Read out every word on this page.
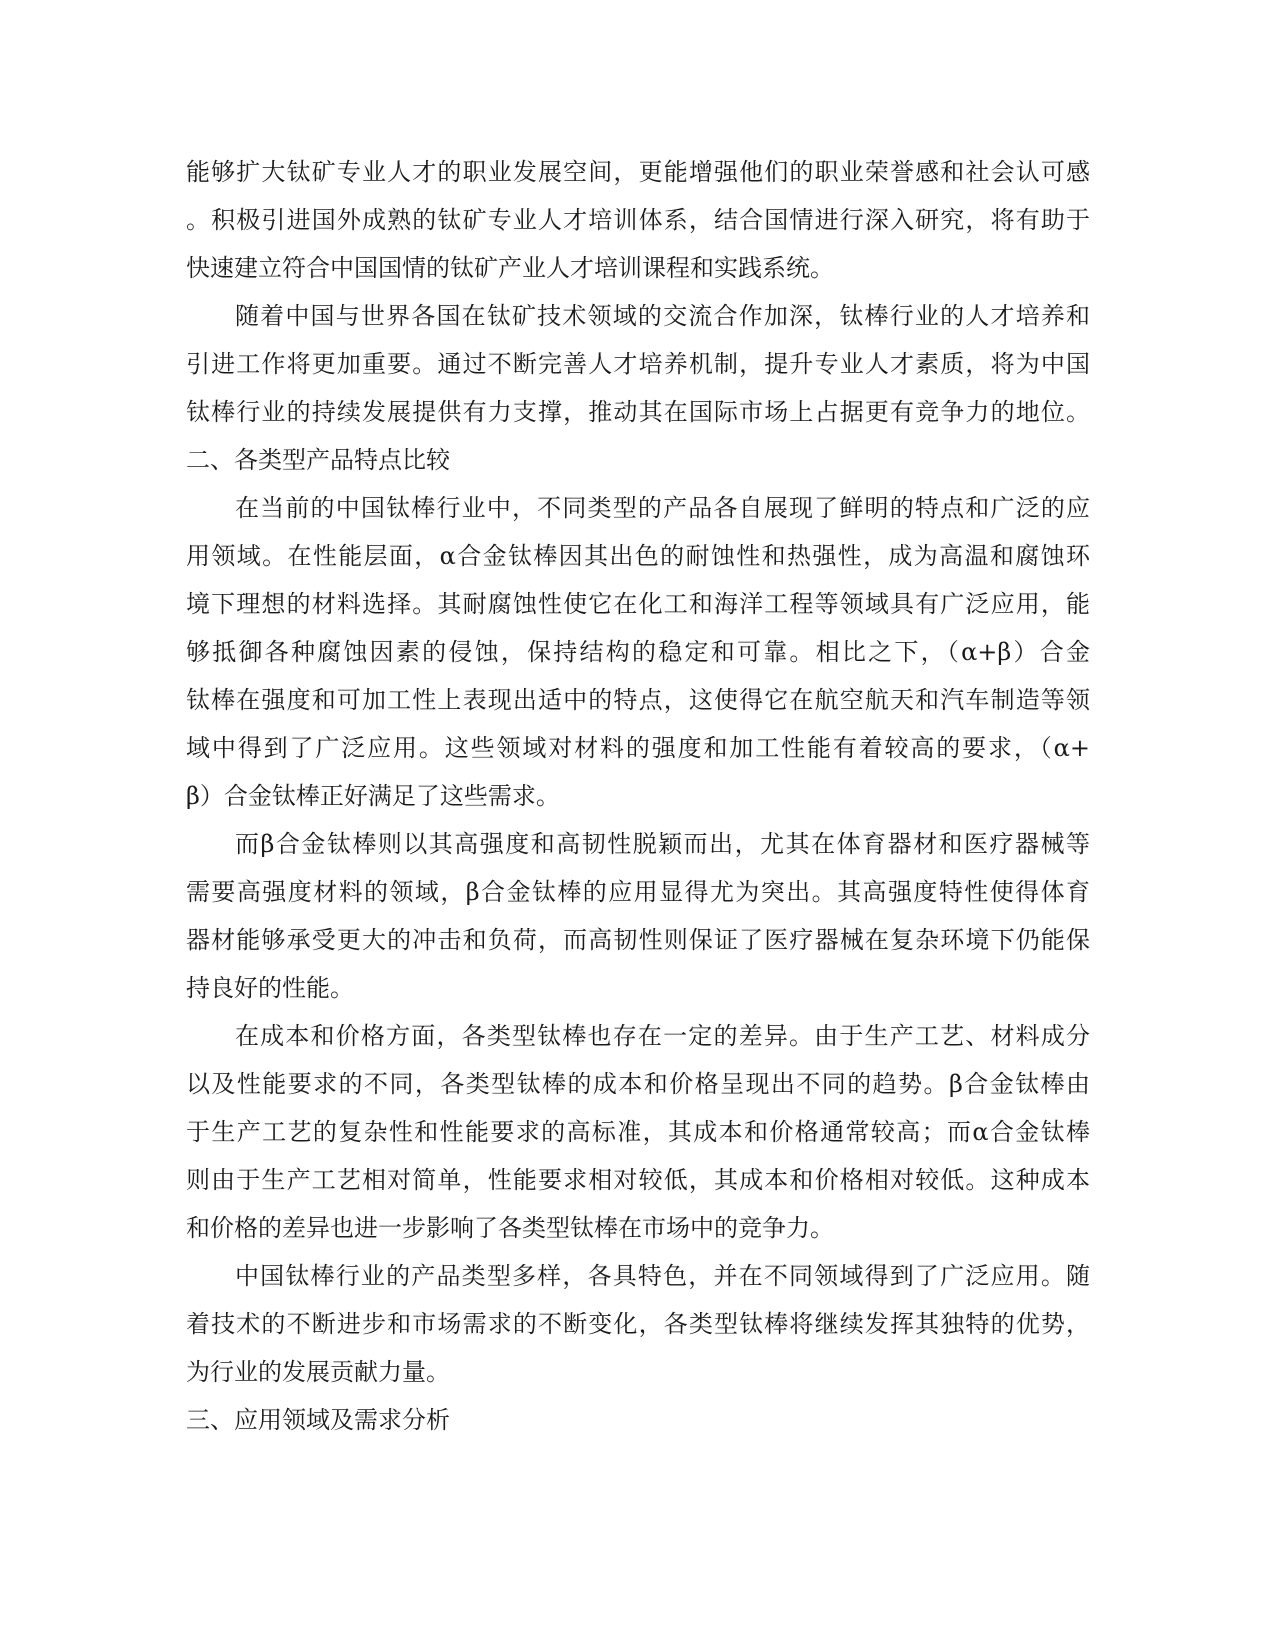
能够扩大钛矿专业人才的职业发展空间，更能增强他们的职业荣誉感和社会认可感
。积极引进国外成熟的钛矿专业人才培训体系，结合国情进行深入研究，将有助于
快速建立符合中国国情的钛矿产业人才培训课程和实践系统。
随着中国与世界各国在钛矿技术领域的交流合作加深，钛棒行业的人才培养和
引进工作将更加重要。通过不断完善人才培养机制，提升专业人才素质，将为中国
钛棒行业的持续发展提供有力支撑，推动其在国际市场上占据更有竞争力的地位。
二、各类型产品特点比较
在当前的中国钛棒行业中，不同类型的产品各自展现了鲜明的特点和广泛的应
用领域。在性能层面，α合金钛棒因其出色的耐蚀性和热强性，成为高温和腐蚀环
境下理想的材料选择。其耐腐蚀性使它在化工和海洋工程等领域具有广泛应用，能
够抵御各种腐蚀因素的侵蚀，保持结构的稳定和可靠。相比之下，（α+β）合金
钛棒在强度和可加工性上表现出适中的特点，这使得它在航空航天和汽车制造等领
域中得到了广泛应用。这些领域对材料的强度和加工性能有着较高的要求，（α+
β）合金钛棒正好满足了这些需求。
而β合金钛棒则以其高强度和高韧性脱颖而出，尤其在体育器材和医疗器械等
需要高强度材料的领域，β合金钛棒的应用显得尤为突出。其高强度特性使得体育
器材能够承受更大的冲击和负荷，而高韧性则保证了医疗器械在复杂环境下仍能保
持良好的性能。
在成本和价格方面，各类型钛棒也存在一定的差异。由于生产工艺、材料成分
以及性能要求的不同，各类型钛棒的成本和价格呈现出不同的趋势。β合金钛棒由
于生产工艺的复杂性和性能要求的高标准，其成本和价格通常较高；而α合金钛棒
则由于生产工艺相对简单，性能要求相对较低，其成本和价格相对较低。这种成本
和价格的差异也进一步影响了各类型钛棒在市场中的竞争力。
中国钛棒行业的产品类型多样，各具特色，并在不同领域得到了广泛应用。随
着技术的不断进步和市场需求的不断变化，各类型钛棒将继续发挥其独特的优势，
为行业的发展贡献力量。
三、应用领域及需求分析
